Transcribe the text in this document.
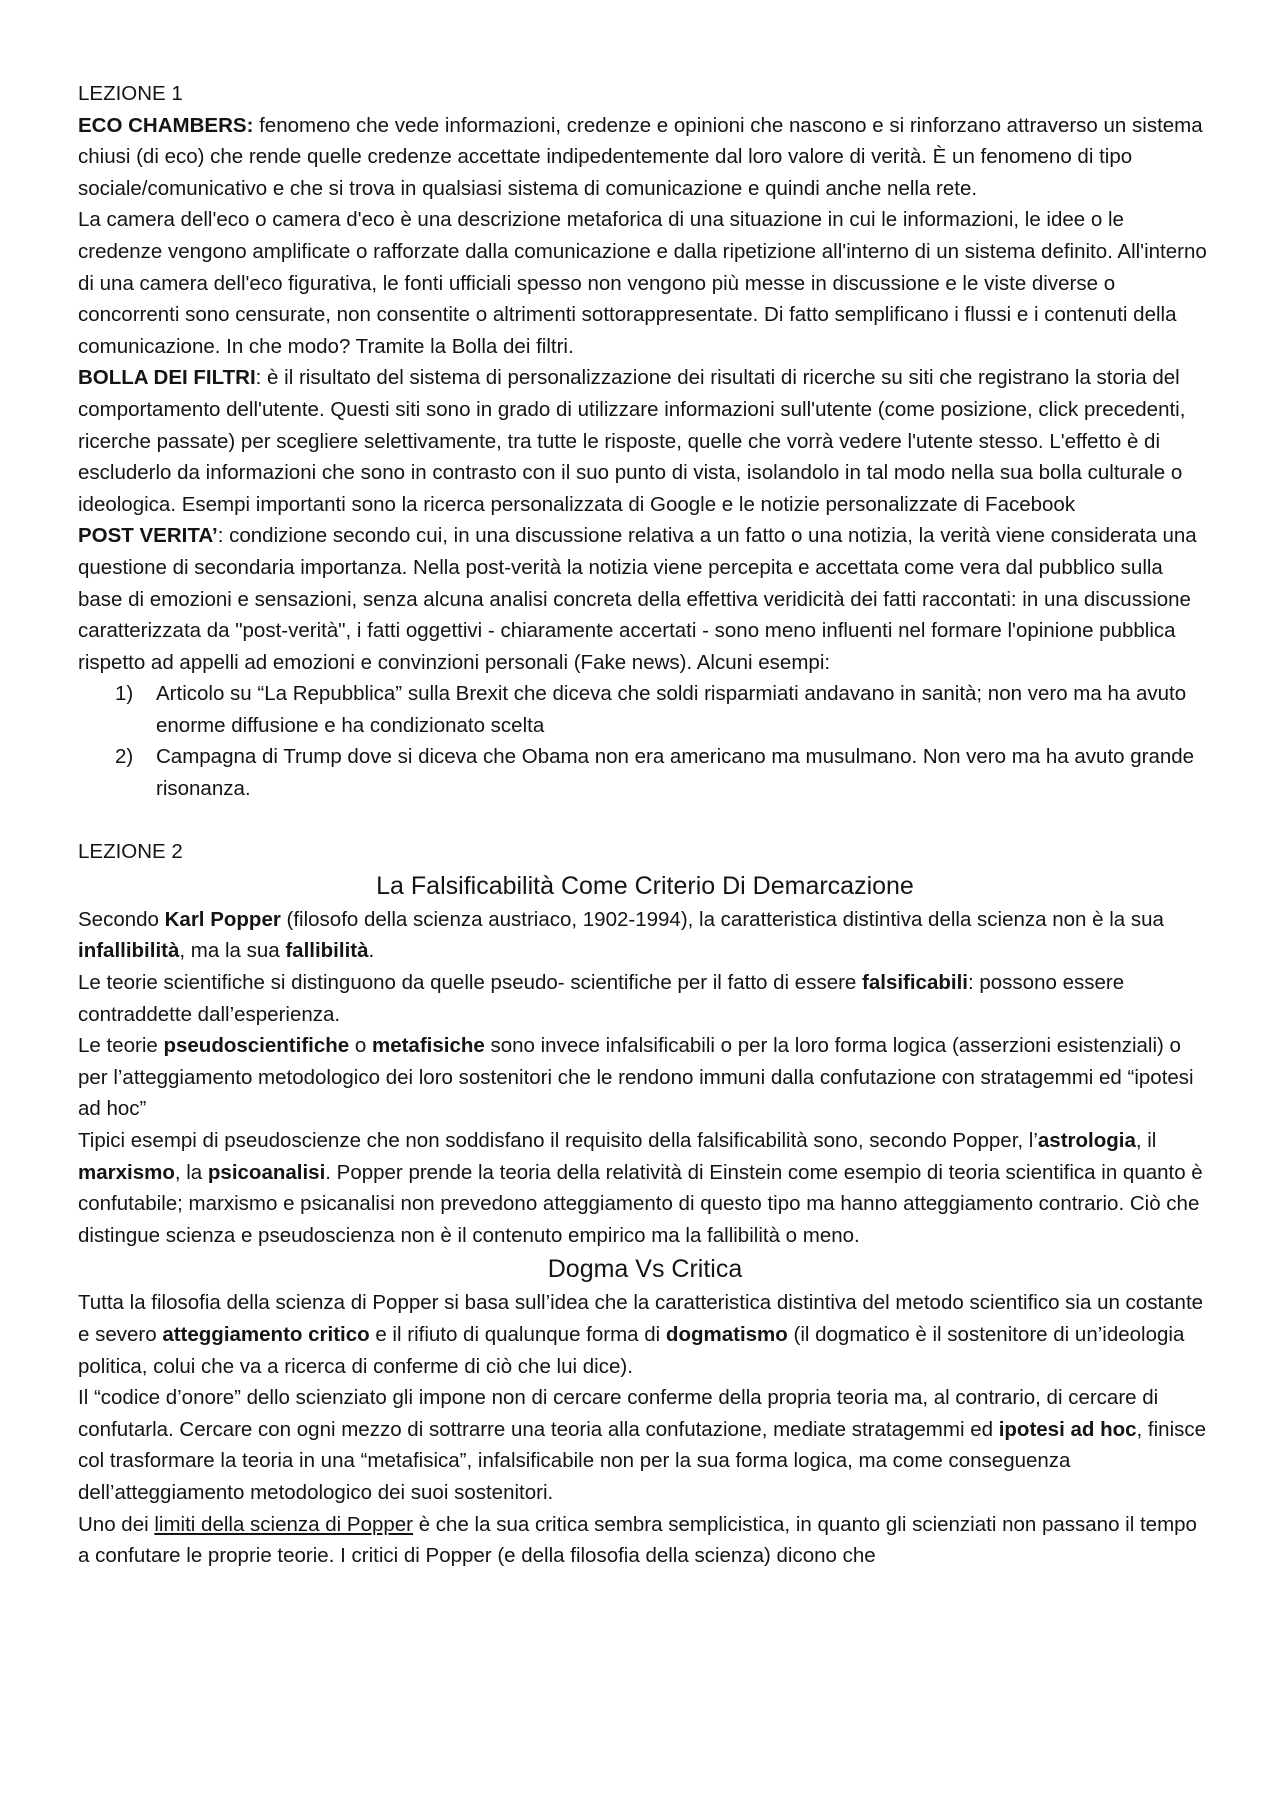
LEZIONE 1

ECO CHAMBERS: fenomeno che vede informazioni, credenze e opinioni che nascono e si rinforzano attraverso un sistema chiusi (di eco) che rende quelle credenze accettate indipedentemente dal loro valore di verità. È un fenomeno di tipo sociale/comunicativo e che si trova in qualsiasi sistema di comunicazione e quindi anche nella rete.

La camera dell'eco o camera d'eco è una descrizione metaforica di una situazione in cui le informazioni, le idee o le credenze vengono amplificate o rafforzate dalla comunicazione e dalla ripetizione all'interno di un sistema definito. All'interno di una camera dell'eco figurativa, le fonti ufficiali spesso non vengono più messe in discussione e le viste diverse o concorrenti sono censurate, non consentite o altrimenti sottorappresentate. Di fatto semplificano i flussi e i contenuti della comunicazione. In che modo? Tramite la Bolla dei filtri.

BOLLA DEI FILTRI: è il risultato del sistema di personalizzazione dei risultati di ricerche su siti che registrano la storia del comportamento dell'utente. Questi siti sono in grado di utilizzare informazioni sull'utente (come posizione, click precedenti, ricerche passate) per scegliere selettivamente, tra tutte le risposte, quelle che vorrà vedere l'utente stesso. L'effetto è di escluderlo da informazioni che sono in contrasto con il suo punto di vista, isolandolo in tal modo nella sua bolla culturale o ideologica. Esempi importanti sono la ricerca personalizzata di Google e le notizie personalizzate di Facebook

POST VERITA’: condizione secondo cui, in una discussione relativa a un fatto o una notizia, la verità viene considerata una questione di secondaria importanza. Nella post-verità la notizia viene percepita e accettata come vera dal pubblico sulla base di emozioni e sensazioni, senza alcuna analisi concreta della effettiva veridicità dei fatti raccontati: in una discussione caratterizzata da "post-verità", i fatti oggettivi - chiaramente accertati - sono meno influenti nel formare l'opinione pubblica rispetto ad appelli ad emozioni e convinzioni personali (Fake news). Alcuni esempi:

1) Articolo su “La Repubblica” sulla Brexit che diceva che soldi risparmiati andavano in sanità; non vero ma ha avuto enorme diffusione e ha condizionato scelta
2) Campagna di Trump dove si diceva che Obama non era americano ma musulmano. Non vero ma ha avuto grande risonanza.

LEZIONE 2

La Falsificabilità Come Criterio Di Demarcazione

Secondo Karl Popper (filosofo della scienza austriaco, 1902-1994), la caratteristica distintiva della scienza non è la sua infallibilità, ma la sua fallibilità.

Le teorie scientifiche si distinguono da quelle pseudo- scientifiche per il fatto di essere falsificabili: possono essere contraddette dall’esperienza.

Le teorie pseudoscientifiche o metafisiche sono invece infalsificabili o per la loro forma logica (asserzioni esistenziali) o per l’atteggiamento metodologico dei loro sostenitori che le rendono immuni dalla confutazione con stratagemmi ed “ipotesi ad hoc”

Tipici esempi di pseudoscienze che non soddisfano il requisito della falsificabilità sono, secondo Popper, l’astrologia, il marxismo, la psicoanalisi. Popper prende la teoria della relatività di Einstein come esempio di teoria scientifica in quanto è confutabile; marxismo e psicanalisi non prevedono atteggiamento di questo tipo ma hanno atteggiamento contrario. Ciò che distingue scienza e pseudoscienza non è il contenuto empirico ma la fallibilità o meno.

Dogma Vs Critica

Tutta la filosofia della scienza di Popper si basa sull’idea che la caratteristica distintiva del metodo scientifico sia un costante e severo atteggiamento critico e il rifiuto di qualunque forma di dogmatismo (il dogmatico è il sostenitore di un’ideologia politica, colui che va a ricerca di conferme di ciò che lui dice).

Il “codice d’onore” dello scienziato gli impone non di cercare conferme della propria teoria ma, al contrario, di cercare di confutarla. Cercare con ogni mezzo di sottrarre una teoria alla confutazione, mediate stratagemmi ed ipotesi ad hoc, finisce col trasformare la teoria in una “metafisica”, infalsificabile non per la sua forma logica, ma come conseguenza dell’atteggiamento metodologico dei suoi sostenitori.

Uno dei limiti della scienza di Popper è che la sua critica sembra semplicistica, in quanto gli scienziati non passano il tempo a confutare le proprie teorie. I critici di Popper (e della filosofia della scienza) dicono che
